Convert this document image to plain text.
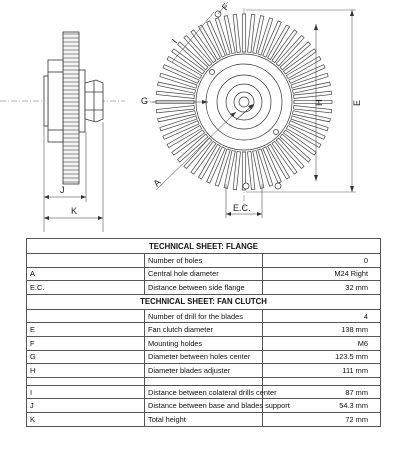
J
K
G
I
F
A
H	E
E.C.
TECHNICAL SHEET: FLANGE		
	Number of holes	0
A	Central hole diameter	M24 Right
E.C.	Distance between side flange	32 mm
TECHNICAL SHEET: FAN CLUTCH		
	Number of drill for the blades	4
E	Fan clutch diameter	138 mm
F	Mounting holdes	M6
G	Diameter between holes center	123.5 mm
H	Diameter blades adjuster	111 mm

I	Distance between colateral drills center	87 mm
J	Distance between base and blades support	54.3 mm
K	Total height	72 mm
